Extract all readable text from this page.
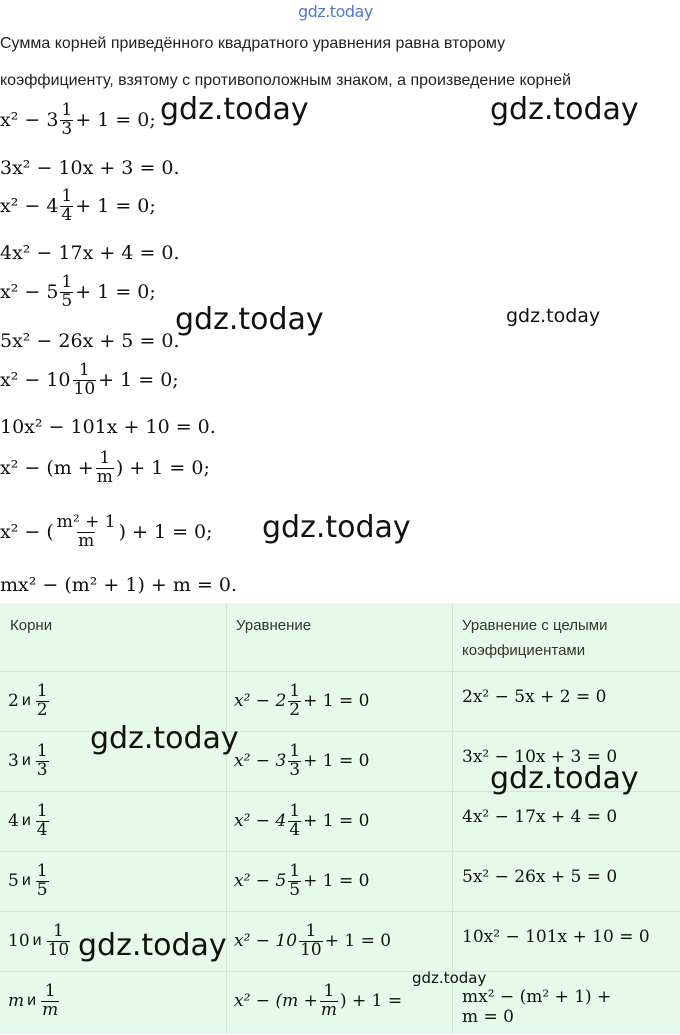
gdz.today
Сумма корней приведённого квадратного уравнения равна второму
коэффициенту, взятому с противоположным знаком, а произведение корней
$x^2 - 3 \frac{1}{3} + 1 = 0$;
3x² − 10x + 3 = 0.
$x^2 - 4 \frac{1}{4} + 1 = 0$;
4x² − 17x + 4 = 0.
$x^2 - 5 \frac{1}{5} + 1 = 0$;
5x² − 26x + 5 = 0.
$x^2 - 10 \frac{1}{10} + 1 = 0$;
10x² − 101x + 10 = 0.
$x^2 - (m + \frac{1}{m}$ ) + 1 = 0;
x² − ( $\frac{\text{m² + 1}}{m}$ ) + 1 = 0;
mx² − (m² + 1) + m = 0.
gdz.today	gdz.today
gdz.today	gdz.today
gdz.today
Корни	Уравнение	Уравнение с целыми
коэффициентами
2 и $\frac{1}{2}$	$x^2 - 2 \frac{1}{2} + 1 = 0$	2x² − 5x + 2 = 0
3 и $\frac{1}{3}$	$x^2 - 3 \frac{1}{3} + 1 = 0$	3x² − 10x + 3 = 0
4 и $\frac{1}{4}$	$x^2 - 4 \frac{1}{4} + 1 = 0$	4x² − 17x + 4 = 0
5 и $\frac{1}{5}$	$x^2 - 5 \frac{1}{5} + 1 = 0$	5x² − 26x + 5 = 0
10 и $\frac{1}{10}$	$x^2 - 10 \frac{1}{10} + 1 = 0$	10x² − 101x + 10 = 0
m и $\frac{1}{m}$	$x^2 - (m + \frac{1}{m}$ ) + 1 =	mx² − (m² + 1) +
m = 0
gdz.today
gdz.today
gdz.today
gdz.today
